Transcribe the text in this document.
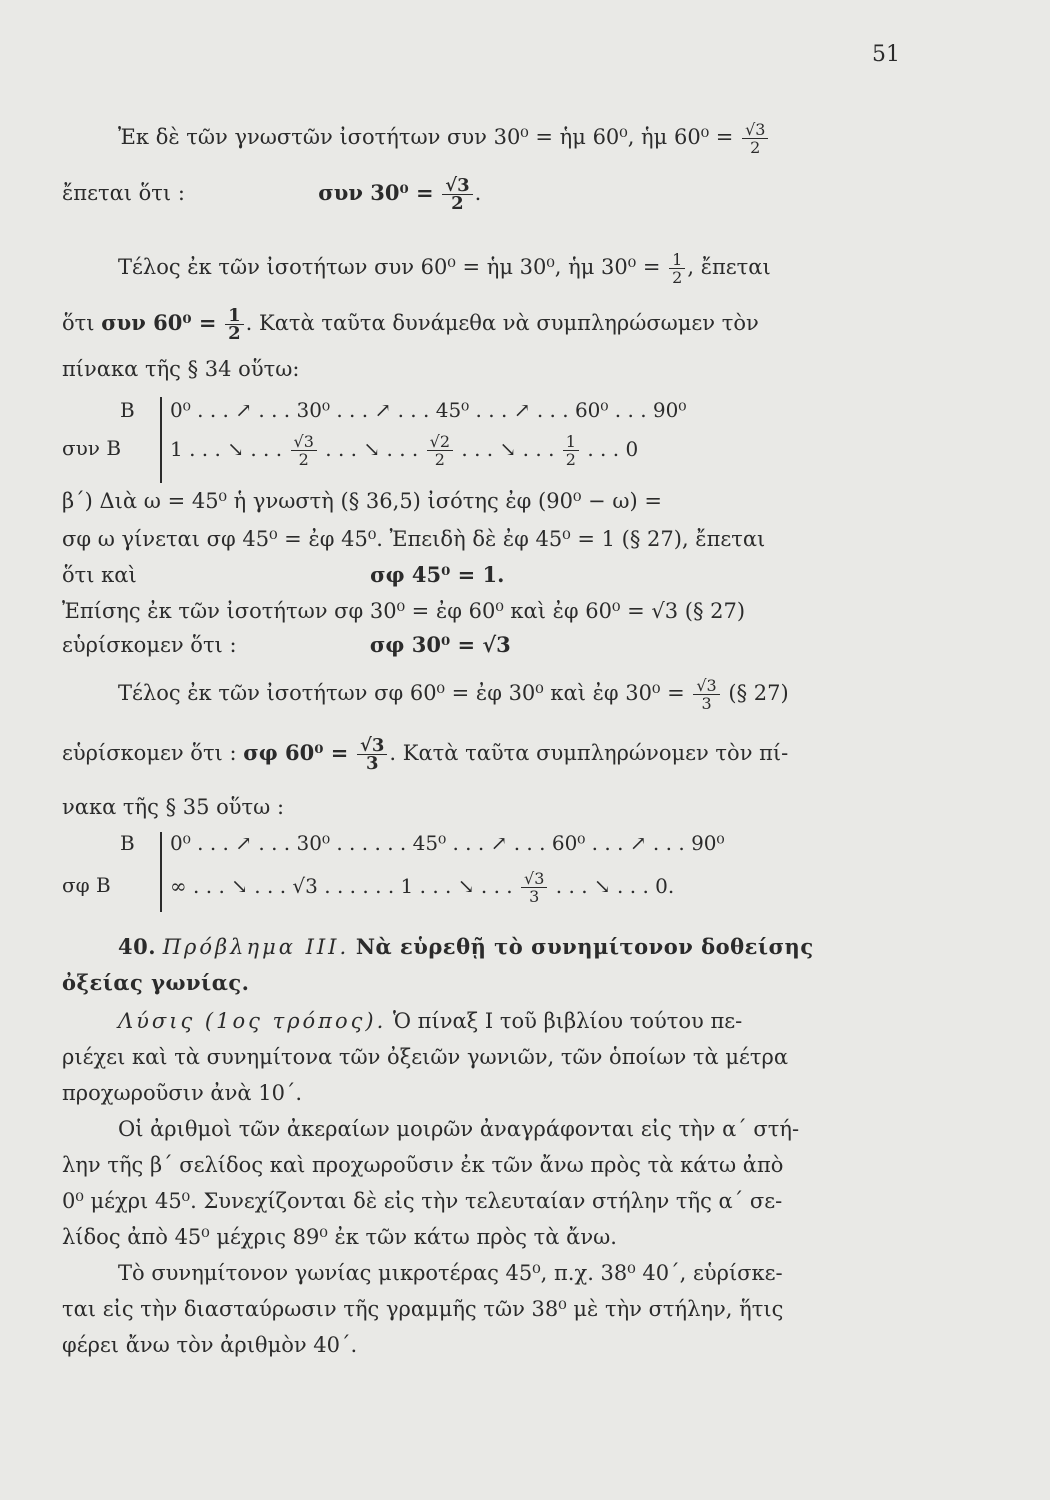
51
Ἐκ δὲ τῶν γνωστῶν ἰσοτήτων συν 30⁰ = ἡμ 60⁰, ἡμ $60^0 = \frac{√3}{2}$
ἔπεται ὅτι :	συν $30^0 = \frac{√3}{2}$ .
Τέλος ἐκ τῶν ἰσοτήτων συν 60⁰ = ἡμ 30⁰, ἡμ $30^0 = \frac{1}{2}$ , ἔπεται
ὅτι συν $60^0 = \frac{1}{2}$ . Κατὰ ταῦτα δυνάμεθα νὰ συμπληρώσωμεν τὸν
πίνακα τῆς § 34 οὕτω:
Β 0⁰ . . . ↗ . . . 30⁰ . . . ↗ . . . 45⁰ . . . ↗ . . . 60⁰ . . . 90⁰
συν Β 1 . . . ↘ . . . $\frac{√3}{2}$ . . . ↘ . . . $\frac{√2}{2}$ . . . ↘ . . . $\frac{1}{2}$ . . . 0
β΄) Διὰ ω = 45⁰ ἡ γνωστὴ (§ 36,5) ἰσότης ἐφ (90⁰ − ω) =
σφ ω γίνεται σφ 45⁰ = ἐφ 45⁰. Ἐπειδὴ δὲ ἐφ 45⁰ = 1 (§ 27), ἔπεται
ὅτι καὶ	σφ 45⁰ = 1.
Ἐπίσης ἐκ τῶν ἰσοτήτων σφ 30⁰ = ἐφ 60⁰ καὶ ἐφ 60⁰ = √3 (§ 27)
εὑρίσκομεν ὅτι :	σφ 30⁰ = √3
Τέλος ἐκ τῶν ἰσοτήτων σφ 60⁰ = ἐφ 30⁰ καὶ ἐφ $30^0 = \frac{√3}{3}$ (§ 27)
εὑρίσκομεν ὅτι : σφ $60^0 = \frac{√3}{3}$ . Κατὰ ταῦτα συμπληρώνομεν τὸν πί-
νακα τῆς § 35 οὕτω :
Β 0⁰ . . . ↗ . . . 30⁰ . . . . . . 45⁰ . . . ↗ . . . 60⁰ . . . ↗ . . . 90⁰
σφ Β	∞ . . . ↘ . . . √3 . . . . . . 1 . . . ↘ . . . $\frac{√3}{3}$ . . . ↘ . . . 0.
40. Πρόβλημα III. Νὰ εὑρεθῇ τὸ συνημίτονον δοθείσης
ὀξείας γωνίας.
Λύσις (1ος τρόπος). Ὁ πίναξ I τοῦ βιβλίου τούτου πε-
ριέχει καὶ τὰ συνημίτονα τῶν ὀξειῶν γωνιῶν, τῶν ὁποίων τὰ μέτρα
προχωροῦσιν ἀνὰ 10΄.
Οἱ ἀριθμοὶ τῶν ἀκεραίων μοιρῶν ἀναγράφονται εἰς τὴν α΄ στή-
λην τῆς β΄ σελίδος καὶ προχωροῦσιν ἐκ τῶν ἄνω πρὸς τὰ κάτω ἀπὸ
0⁰ μέχρι 45⁰. Συνεχίζονται δὲ εἰς τὴν τελευταίαν στήλην τῆς α΄ σε-
λίδος ἀπὸ 45⁰ μέχρις 89⁰ ἐκ τῶν κάτω πρὸς τὰ ἄνω.
Τὸ συνημίτονον γωνίας μικροτέρας 45⁰, π.χ. 38⁰ 40΄, εὑρίσκε-
ται εἰς τὴν διασταύρωσιν τῆς γραμμῆς τῶν 38⁰ μὲ τὴν στήλην, ἥτις
φέρει ἄνω τὸν ἀριθμὸν 40΄.
